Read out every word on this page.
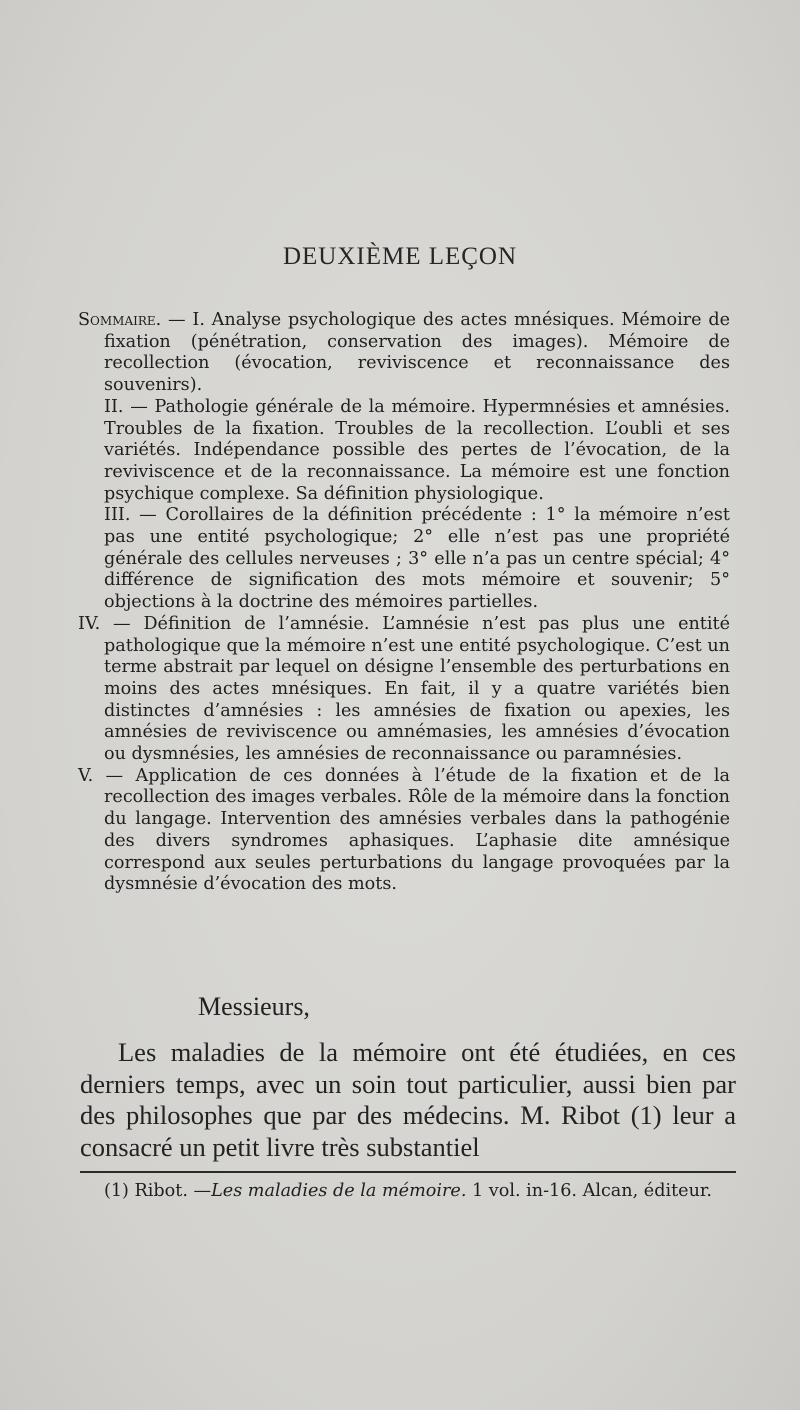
DEUXIÈME LEÇON

Sommaire. — I. Analyse psychologique des actes mnésiques. Mémoire de fixation (pénétration, conservation des images). Mémoire de recollection (évocation, reviviscence et reconnaissance des souvenirs).

II. — Pathologie générale de la mémoire. Hypermnésies et amnésies. Troubles de la fixation. Troubles de la recollection. L’oubli et ses variétés. Indépendance possible des pertes de l’évocation, de la reviviscence et de la reconnaissance. La mémoire est une fonction psychique complexe. Sa définition physiologique.

III. — Corollaires de la définition précédente : 1° la mémoire n’est pas une entité psychologique; 2° elle n’est pas une propriété générale des cellules nerveuses ; 3° elle n’a pas un centre spécial; 4° différence de signification des mots mémoire et souvenir; 5° objections à la doctrine des mémoires partielles.

IV. — Définition de l’amnésie. L’amnésie n’est pas plus une entité pathologique que la mémoire n’est une entité psychologique. C’est un terme abstrait par lequel on désigne l’ensemble des perturbations en moins des actes mnésiques. En fait, il y a quatre variétés bien distinctes d’amnésies : les amnésies de fixation ou apexies, les amnésies de reviviscence ou amnémasies, les amnésies d’évocation ou dysmnésies, les amnésies de reconnaissance ou paramnésies.

V. — Application de ces données à l’étude de la fixation et de la recollection des images verbales. Rôle de la mémoire dans la fonction du langage. Intervention des amnésies verbales dans la pathogénie des divers syndromes aphasiques. L’aphasie dite amnésique correspond aux seules perturbations du langage provoquées par la dysmnésie d’évocation des mots.

Messieurs,
Les maladies de la mémoire ont été étudiées, en ces derniers temps, avec un soin tout particulier, aussi bien par des philosophes que par des médecins. M. Ribot (1) leur a consacré un petit livre très substantiel
(1) Ribot. —Les maladies de la mémoire. 1 vol. in-16. Alcan, éditeur.
